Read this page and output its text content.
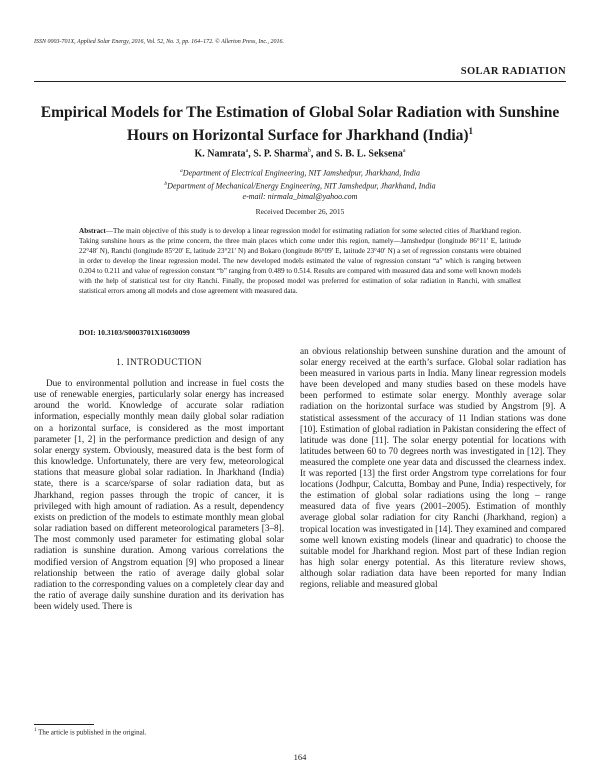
ISSN 0003-701X, Applied Solar Energy, 2016, Vol. 52, No. 3, pp. 164–172. © Allerton Press, Inc., 2016.
SOLAR RADIATION
Empirical Models for The Estimation of Global Solar Radiation with Sunshine Hours on Horizontal Surface for Jharkhand (India)$^1$
K. Namrata$^a$, S. P. Sharma$^b$, and S. B. L. Seksena$^a$
$^a$Department of Electrical Engineering, NIT Jamshedpur, Jharkhand, India
$^b$Department of Mechanical/Energy Engineering, NIT Jamshedpur, Jharkhand, India
e-mail: nirmala_bimal@yahoo.com
Received December 26, 2015
Abstract—The main objective of this study is to develop a linear regression model for estimating radiation for some selected cities of Jharkhand region. Taking sunshine hours as the prime concern, the three main places which come under this region, namely—Jamshedpur (longitude 86°11′ E, latitude 22°48′ N), Ranchi (longitude 85°20′ E, latitude 23°21′ N) and Bokaro (longitude 86°09′ E, latitude 23°40′ N) a set of regression constants were obtained in order to develop the linear regression model. The new developed models estimated the value of regression constant “a” which is ranging between 0.204 to 0.211 and value of regression constant “b” ranging from 0.489 to 0.514. Results are compared with measured data and some well known models with the help of statistical test for city Ranchi. Finally, the proposed model was preferred for estimation of solar radiation in Ranchi, with smallest statistical errors among all models and close agreement with measured data.
DOI: 10.3103/S0003701X16030099
1. INTRODUCTION
Due to environmental pollution and increase in fuel costs the use of renewable energies, particularly solar energy has increased around the world. Knowledge of accurate solar radiation information, especially monthly mean daily global solar radiation on a horizontal surface, is considered as the most important parameter [1, 2] in the performance prediction and design of any solar energy system. Obviously, measured data is the best form of this knowledge. Unfortunately, there are very few, meteorological stations that measure global solar radiation. In Jharkhand (India) state, there is a scarce/sparse of solar radiation data, but as Jharkhand, region passes through the tropic of cancer, it is privileged with high amount of radiation. As a result, dependency exists on prediction of the models to estimate monthly mean global solar radiation based on different meteorological parameters [3–8]. The most commonly used parameter for estimating global solar radiation is sunshine duration. Among various correlations the modified version of Angstrom equation [9] who proposed a linear relationship between the ratio of average daily global solar radiation to the corresponding values on a completely clear day and the ratio of average daily sunshine duration and its derivation has been widely used. There is
an obvious relationship between sunshine duration and the amount of solar energy received at the earth’s surface. Global solar radiation has been measured in various parts in India. Many linear regression models have been developed and many studies based on these models have been performed to estimate solar energy. Monthly average solar radiation on the horizontal surface was studied by Angstrom [9]. A statistical assessment of the accuracy of 11 Indian stations was done [10]. Estimation of global radiation in Pakistan considering the effect of latitude was done [11]. The solar energy potential for locations with latitudes between 60 to 70 degrees north was investigated in [12]. They measured the complete one year data and discussed the clearness index. It was reported [13] the first order Angstrom type correlations for four locations (Jodhpur, Calcutta, Bombay and Pune, India) respectively, for the estimation of global solar radiations using the long – range measured data of five years (2001–2005). Estimation of monthly average global solar radiation for city Ranchi (Jharkhand, region) a tropical location was investigated in [14]. They examined and compared some well known existing models (linear and quadratic) to choose the suitable model for Jharkhand region. Most part of these Indian region has high solar energy potential. As this literature review shows, although solar radiation data have been reported for many Indian regions, reliable and measured global
$^1$ The article is published in the original.
164
